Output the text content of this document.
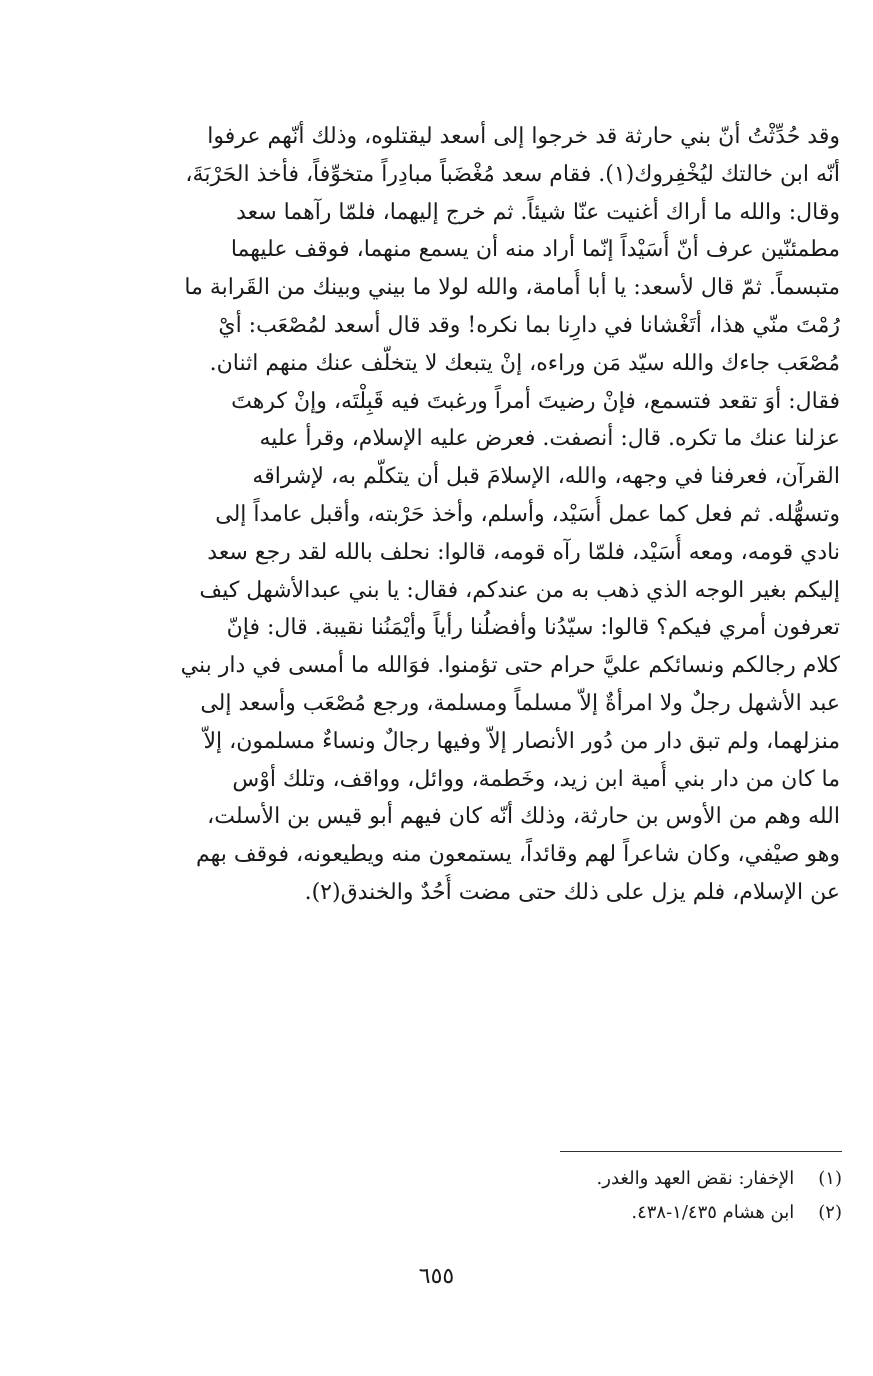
وقد حُدِّثْتُ أنّ بني حارثة قد خرجوا إلى أسعد ليقتلوه، وذلك أنّهم عرفوا
أنّه ابن خالتك ليُخْفِروك(١). فقام سعد مُغْضَباً مبادِراً متخوِّفاً، فأخذ الحَرْبَةَ،
وقال: والله ما أراك أغنيت عنّا شيئاً. ثم خرج إليهما، فلمّا رآهما سعد
مطمئنّين عرف أنّ أُسَيْداً إنّما أراد منه أن يسمع منهما، فوقف عليهما
متبسماً. ثمّ قال لأسعد: يا أبا أُمامة، والله لولا ما بيني وبينك من القَرابة ما
رُمْتَ منّي هذا، أتَغْشانا في دارِنا بما نكره! وقد قال أسعد لمُصْعَب: أيْ
مُصْعَب جاءك والله سيّد مَن وراءه، إنْ يتبعك لا يتخلّف عنك منهم اثنان.
فقال: أوَ تقعد فتسمع، فإنْ رضيتَ أمراً ورغبتَ فيه قَبِلْتَه، وإنْ كرهتَ
عزلنا عنك ما تكره. قال: أنصفت. فعرض عليه الإسلام، وقرأ عليه
القرآن، فعرفنا في وجهه، والله، الإسلامَ قبل أن يتكلّم به، لإشراقه
وتسهُّله. ثم فعل كما عمل أُسَيْد، وأسلم، وأخذ حَرْبته، وأقبل عامداً إلى
نادي قومه، ومعه أُسَيْد، فلمّا رآه قومه، قالوا: نحلف بالله لقد رجع سعد
إليكم بغير الوجه الذي ذهب به من عندكم، فقال: يا بني عبدالأشهل كيف
تعرفون أمري فيكم؟ قالوا: سيّدُنا وأفضلُنا رأياً وأيْمَنُنا نقيبة. قال: فإنّ
كلام رجالكم ونسائكم عليَّ حرام حتى تؤمنوا. فوَالله ما أمسى في دار بني
عبد الأشهل رجلٌ ولا امرأةٌ إلاّ مسلماً ومسلمة، ورجع مُصْعَب وأسعد إلى
منزلهما، ولم تبق دار من دُور الأنصار إلاّ وفيها رجالٌ ونساءٌ مسلمون، إلاّ
ما كان من دار بني أُمية ابن زيد، وخَطمة، ووائل، وواقف، وتلك أوْس
الله وهم من الأوس بن حارثة، وذلك أنّه كان فيهم أبو قيس بن الأسلت،
وهو صيْفي، وكان شاعراً لهم وقائداً، يستمعون منه ويطيعونه، فوقف بهم
عن الإسلام، فلم يزل على ذلك حتى مضت أُحُدٌ والخندق(٢).
(١) الإخفار: نقض العهد والغدر.
(٢) ابن هشام ١/٤٣٥-٤٣٨.
٦٥٥
